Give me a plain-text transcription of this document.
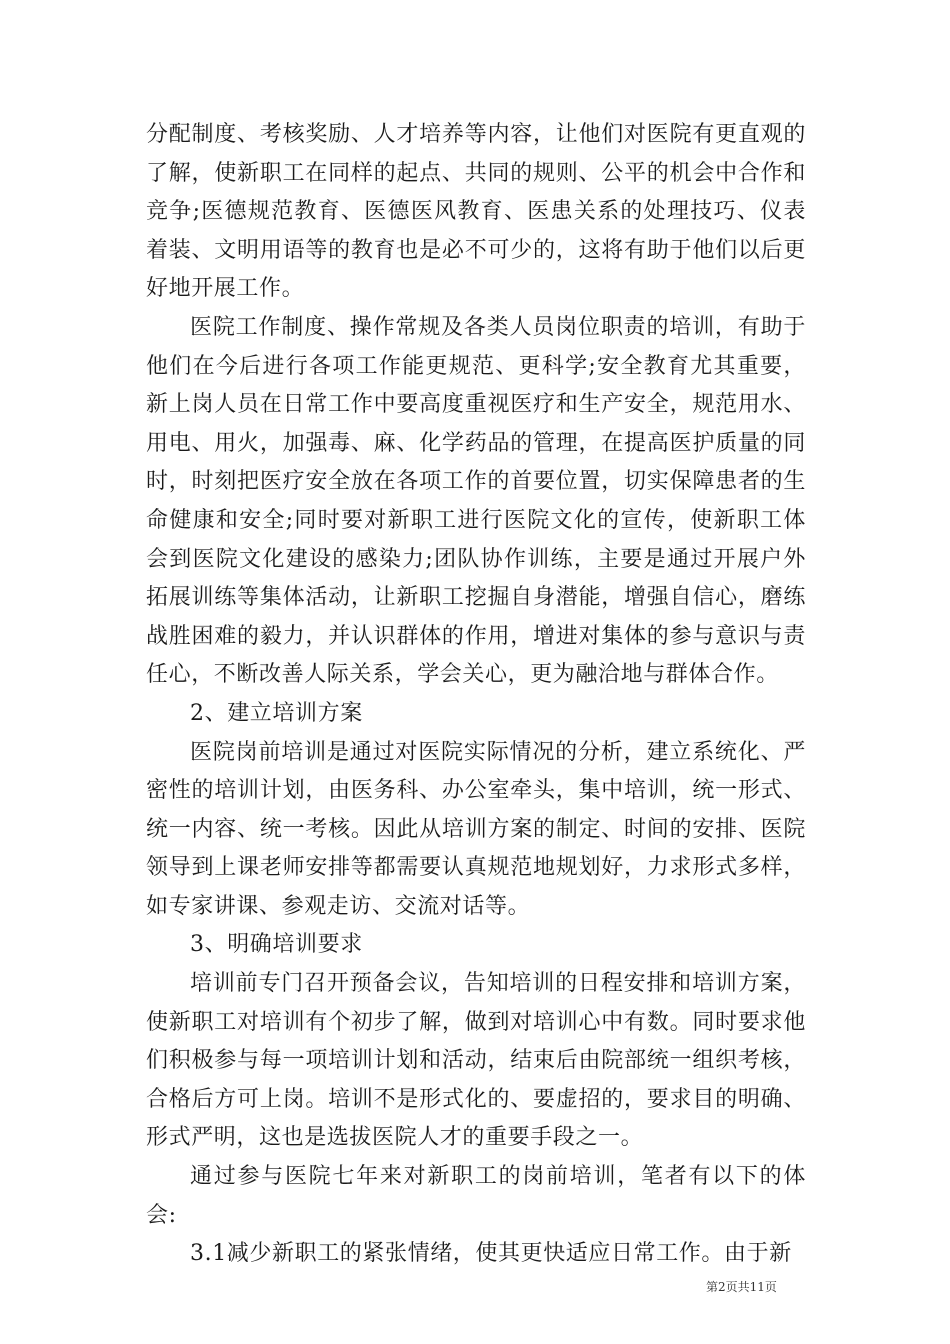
分配制度、考核奖励、人才培养等内容，让他们对医院有更直观的了解，使新职工在同样的起点、共同的规则、公平的机会中合作和竞争;医德规范教育、医德医风教育、医患关系的处理技巧、仪表着装、文明用语等的教育也是必不可少的，这将有助于他们以后更好地开展工作。

医院工作制度、操作常规及各类人员岗位职责的培训，有助于他们在今后进行各项工作能更规范、更科学;安全教育尤其重要，新上岗人员在日常工作中要高度重视医疗和生产安全，规范用水、用电、用火，加强毒、麻、化学药品的管理，在提高医护质量的同时，时刻把医疗安全放在各项工作的首要位置，切实保障患者的生命健康和安全;同时要对新职工进行医院文化的宣传，使新职工体会到医院文化建设的感染力;团队协作训练，主要是通过开展户外拓展训练等集体活动，让新职工挖掘自身潜能，增强自信心，磨练战胜困难的毅力，并认识群体的作用，增进对集体的参与意识与责任心，不断改善人际关系，学会关心，更为融洽地与群体合作。

2、建立培训方案

医院岗前培训是通过对医院实际情况的分析，建立系统化、严密性的培训计划，由医务科、办公室牵头，集中培训，统一形式、统一内容、统一考核。因此从培训方案的制定、时间的安排、医院领导到上课老师安排等都需要认真规范地规划好，力求形式多样，如专家讲课、参观走访、交流对话等。

3、明确培训要求

培训前专门召开预备会议，告知培训的日程安排和培训方案，使新职工对培训有个初步了解，做到对培训心中有数。同时要求他们积极参与每一项培训计划和活动，结束后由院部统一组织考核，合格后方可上岗。培训不是形式化的、要虚招的，要求目的明确、形式严明，这也是选拔医院人才的重要手段之一。

通过参与医院七年来对新职工的岗前培训，笔者有以下的体会:

3.1减少新职工的紧张情绪，使其更快适应日常工作。由于新

第2页共11页
